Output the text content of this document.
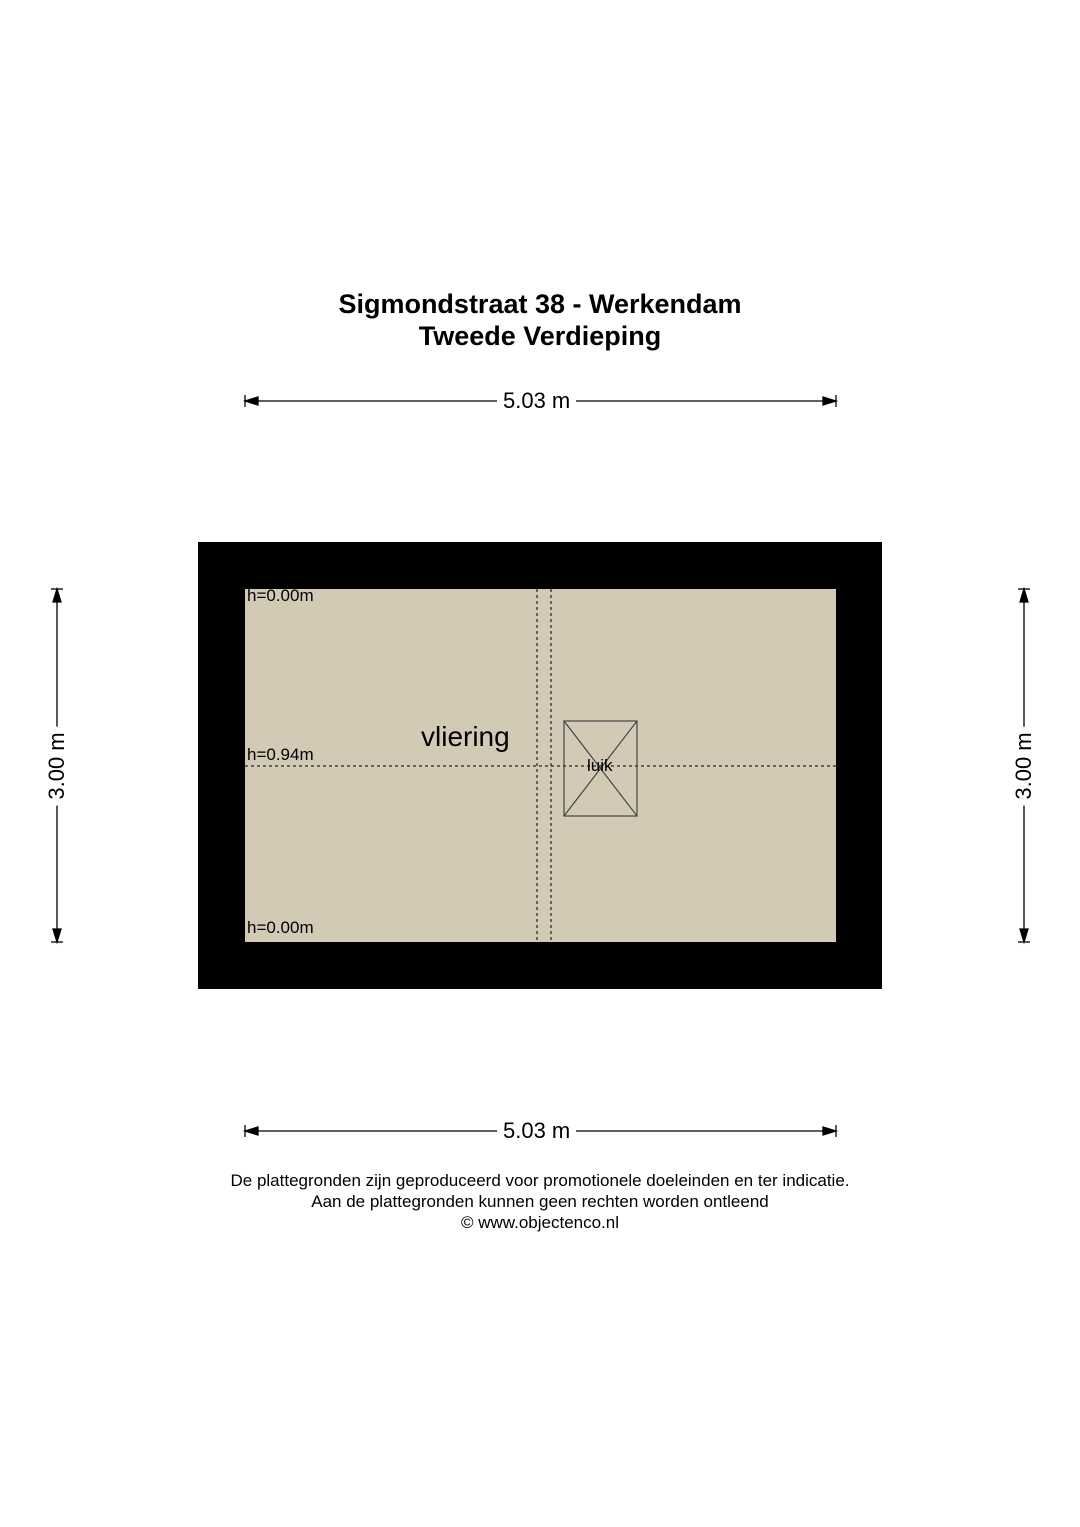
Sigmondstraat 38 - Werkendam
Tweede Verdieping
5.03 m
5.03 m
3.00 m	3.00 m
h=0.00m
h=0.94m
h=0.00m
vliering
luik
De plattegronden zijn geproduceerd voor promotionele doeleinden en ter indicatie.
Aan de plattegronden kunnen geen rechten worden ontleend
© www.objectenco.nl
